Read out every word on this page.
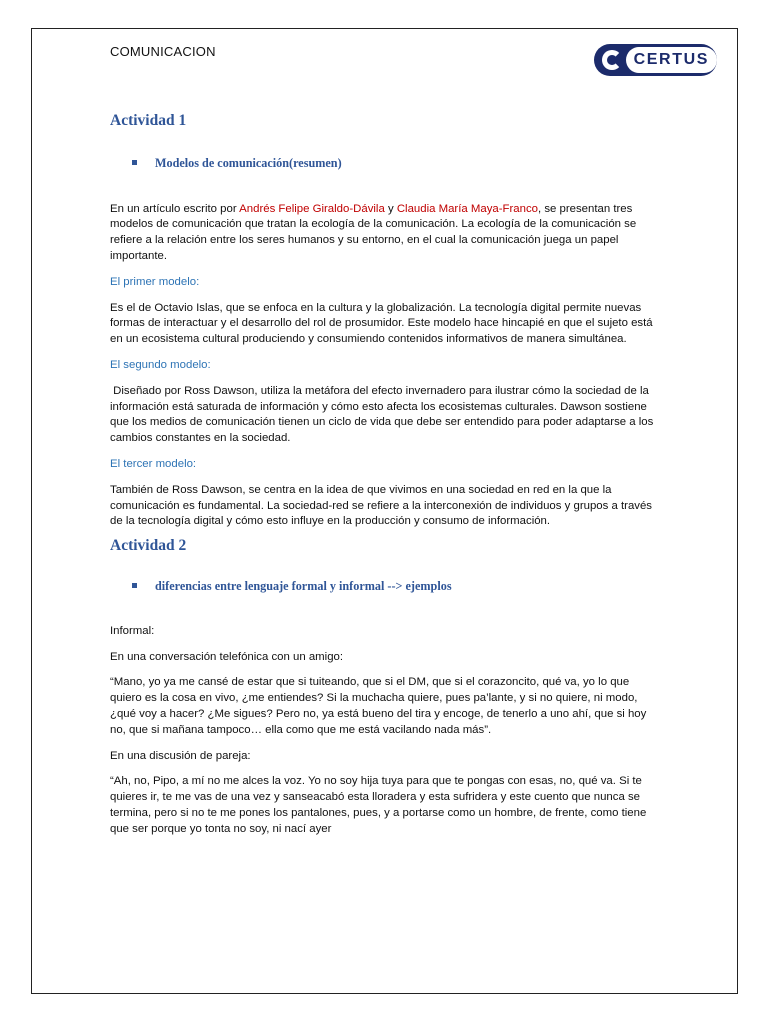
COMUNICACION	CERTUS
Actividad 1
Modelos de comunicación(resumen)

En un artículo escrito por Andrés Felipe Giraldo-Dávila y Claudia María Maya-Franco, se presentan tres modelos de comunicación que tratan la ecología de la comunicación. La ecología de la comunicación se refiere a la relación entre los seres humanos y su entorno, en el cual la comunicación juega un papel importante.

El primer modelo:

Es el de Octavio Islas, que se enfoca en la cultura y la globalización. La tecnología digital permite nuevas formas de interactuar y el desarrollo del rol de prosumidor. Este modelo hace hincapié en que el sujeto está en un ecosistema cultural produciendo y consumiendo contenidos informativos de manera simultánea.

El segundo modelo:

Diseñado por Ross Dawson, utiliza la metáfora del efecto invernadero para ilustrar cómo la sociedad de la información está saturada de información y cómo esto afecta los ecosistemas culturales. Dawson sostiene que los medios de comunicación tienen un ciclo de vida que debe ser entendido para poder adaptarse a los cambios constantes en la sociedad.

El tercer modelo:

También de Ross Dawson, se centra en la idea de que vivimos en una sociedad en red en la que la comunicación es fundamental. La sociedad-red se refiere a la interconexión de individuos y grupos a través de la tecnología digital y cómo esto influye en la producción y consumo de información.

Actividad 2
diferencias entre lenguaje formal y informal --> ejemplos

Informal:

En una conversación telefónica con un amigo:

“Mano, yo ya me cansé de estar que si tuiteando, que si el DM, que si el corazoncito, qué va, yo lo que quiero es la cosa en vivo, ¿me entiendes? Si la muchacha quiere, pues pa’lante, y si no quiere, ni modo, ¿qué voy a hacer? ¿Me sigues? Pero no, ya está bueno del tira y encoge, de tenerlo a uno ahí, que si hoy no, que si mañana tampoco… ella como que me está vacilando nada más”.

En una discusión de pareja:

“Ah, no, Pipo, a mí no me alces la voz. Yo no soy hija tuya para que te pongas con esas, no, qué va. Si te quieres ir, te me vas de una vez y sanseacabó esta lloradera y esta sufridera y este cuento que nunca se termina, pero si no te me pones los pantalones, pues, y a portarse como un hombre, de frente, como tiene que ser porque yo tonta no soy, ni nací ayer
